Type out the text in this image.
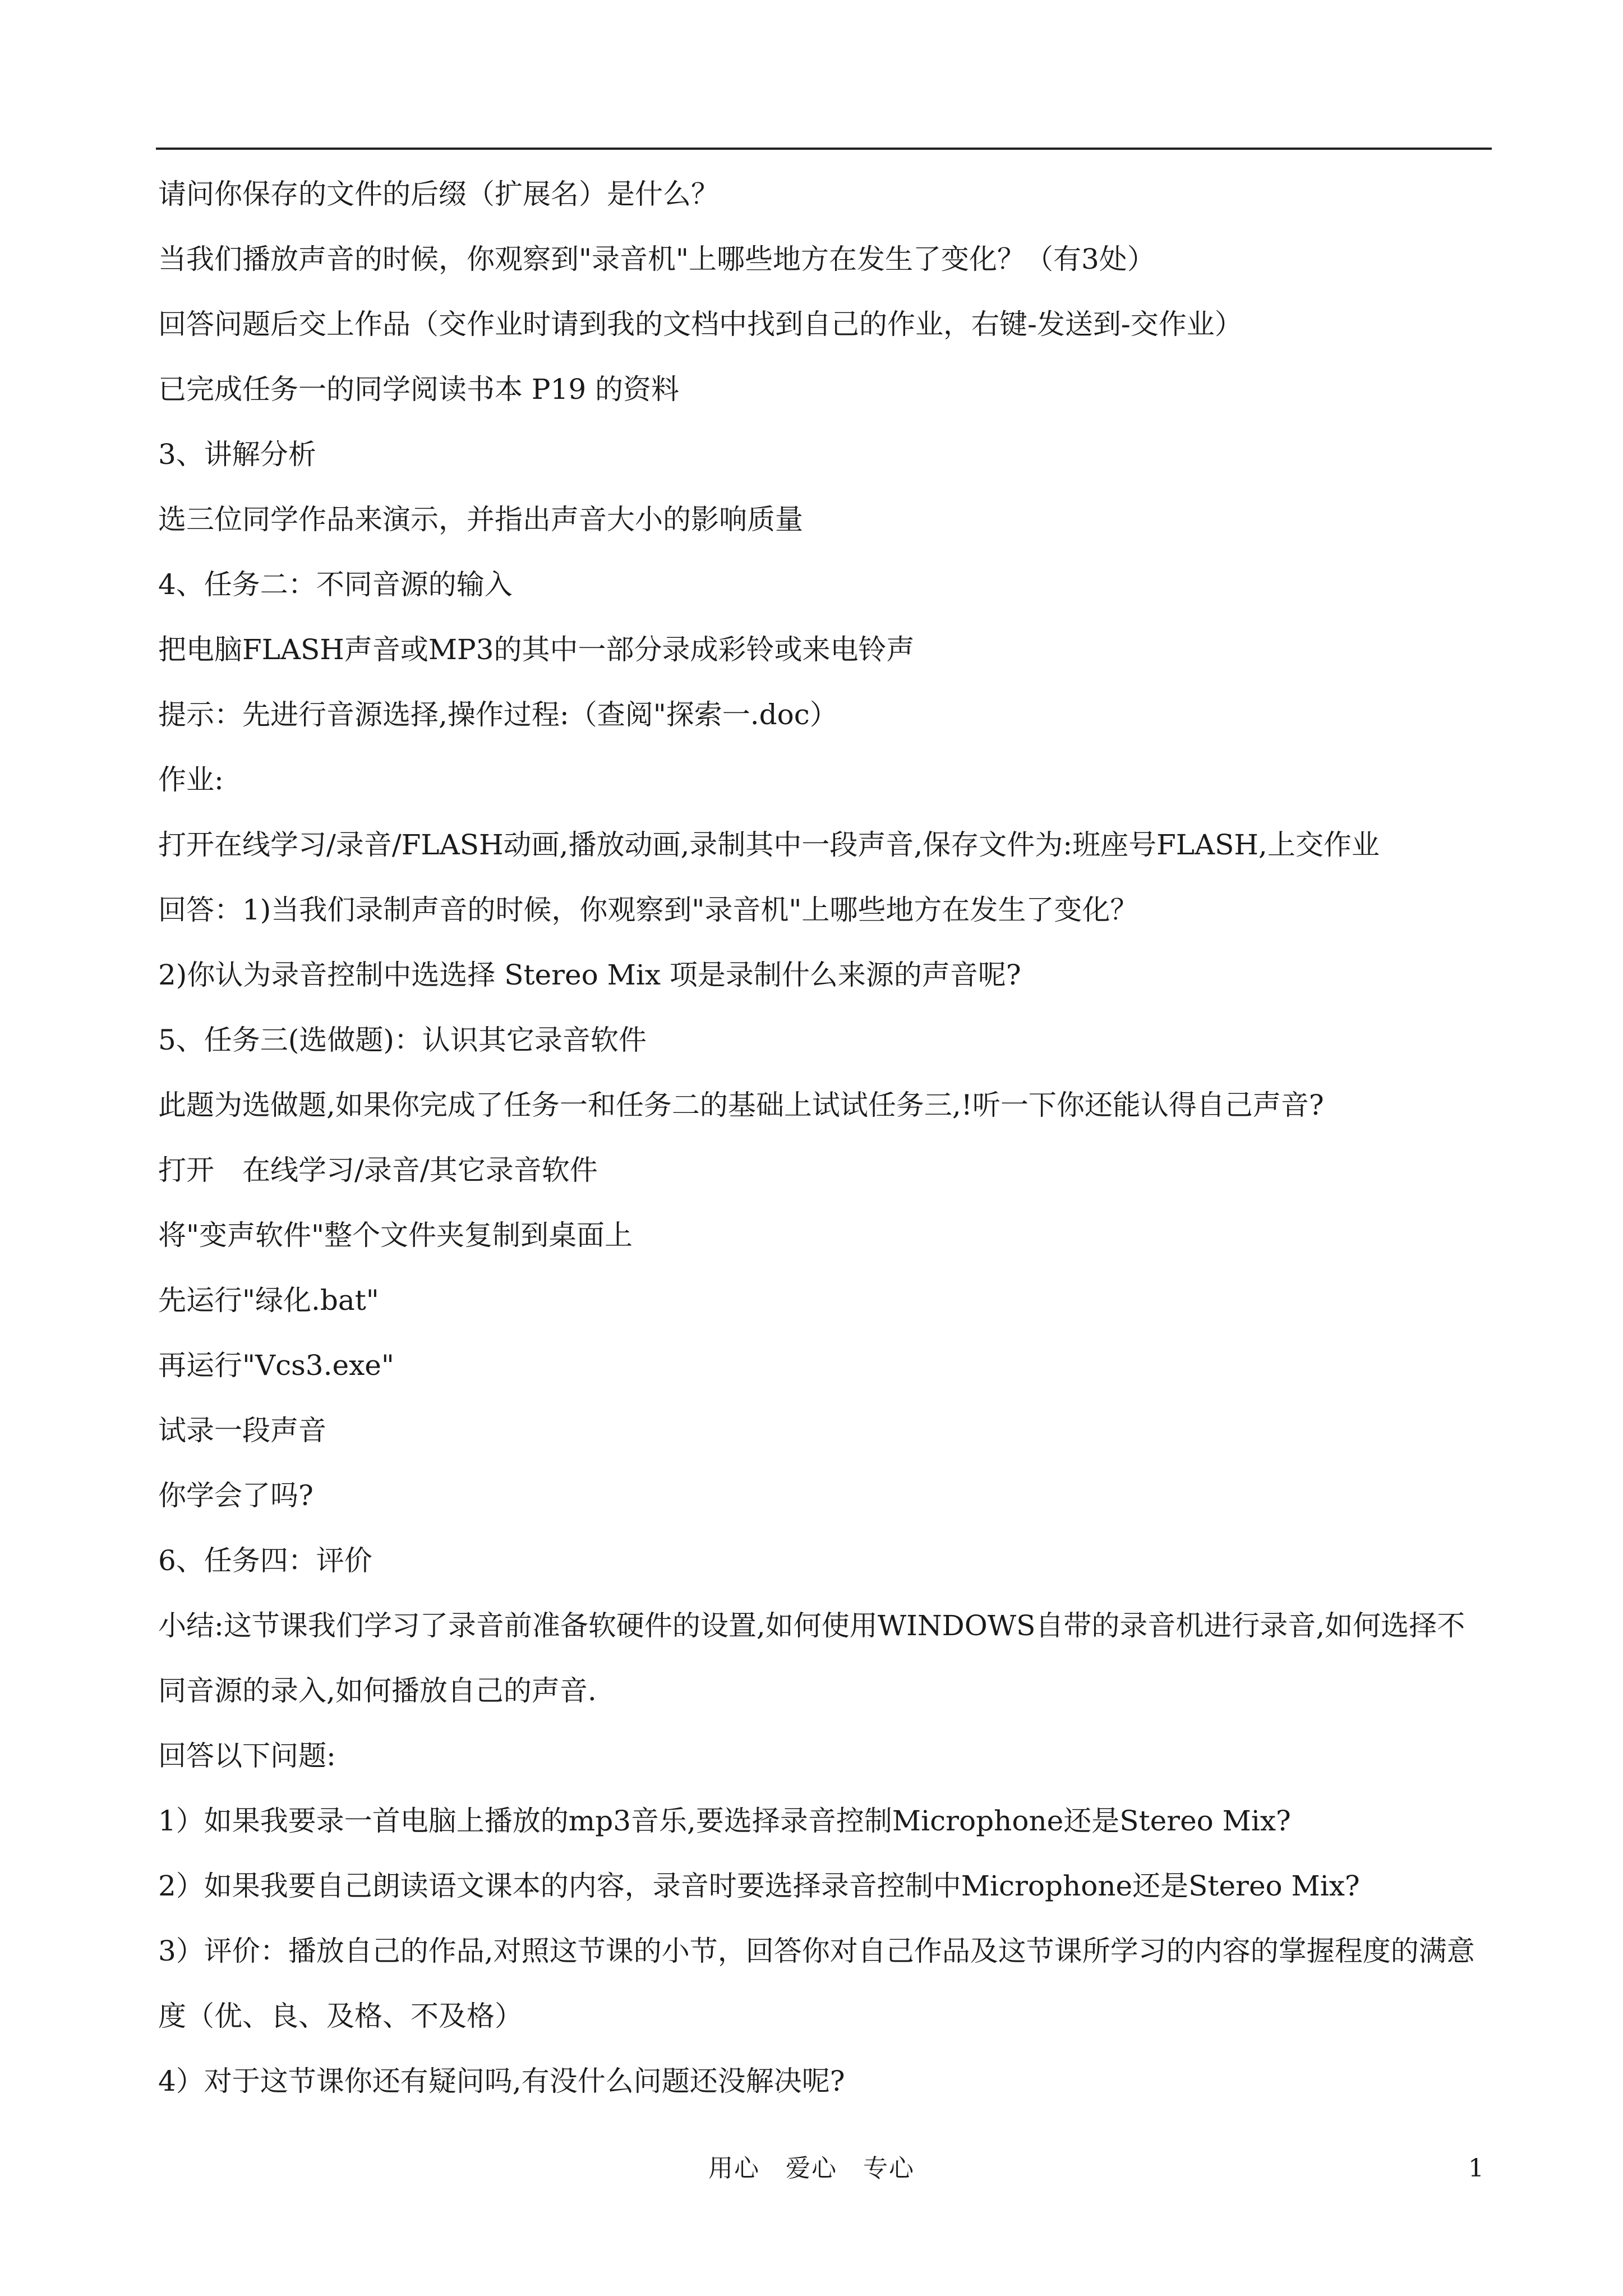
请问你保存的文件的后缀（扩展名）是什么？

当我们播放声音的时候，你观察到"录音机"上哪些地方在发生了变化？（有3处）

回答问题后交上作品（交作业时请到我的文档中找到自己的作业，右键-发送到-交作业）

已完成任务一的同学阅读书本 P19 的资料

3、讲解分析

选三位同学作品来演示，并指出声音大小的影响质量

4、任务二：不同音源的输入

把电脑FLASH声音或MP3的其中一部分录成彩铃或来电铃声

提示：先进行音源选择,操作过程:（查阅"探索一.doc）

作业:

打开在线学习/录音/FLASH动画,播放动画,录制其中一段声音,保存文件为:班座号FLASH,上交作业

回答：1)当我们录制声音的时候，你观察到"录音机"上哪些地方在发生了变化？

2)你认为录音控制中选选择 Stereo Mix 项是录制什么来源的声音呢?

5、任务三(选做题)：认识其它录音软件

此题为选做题,如果你完成了任务一和任务二的基础上试试任务三,!听一下你还能认得自己声音?

打开　在线学习/录音/其它录音软件

将"变声软件"整个文件夹复制到桌面上

先运行"绿化.bat"

再运行"Vcs3.exe"

试录一段声音

你学会了吗?

6、任务四：评价

小结:这节课我们学习了录音前准备软硬件的设置,如何使用WINDOWS自带的录音机进行录音,如何选择不同音源的录入,如何播放自己的声音.

回答以下问题:

1）如果我要录一首电脑上播放的mp3音乐,要选择录音控制Microphone还是Stereo Mix?

2）如果我要自己朗读语文课本的内容，录音时要选择录音控制中Microphone还是Stereo Mix?

3）评价：播放自己的作品,对照这节课的小节，回答你对自己作品及这节课所学习的内容的掌握程度的满意度（优、良、及格、不及格）

4）对于这节课你还有疑问吗,有没什么问题还没解决呢?

用心　爱心　专心	1
